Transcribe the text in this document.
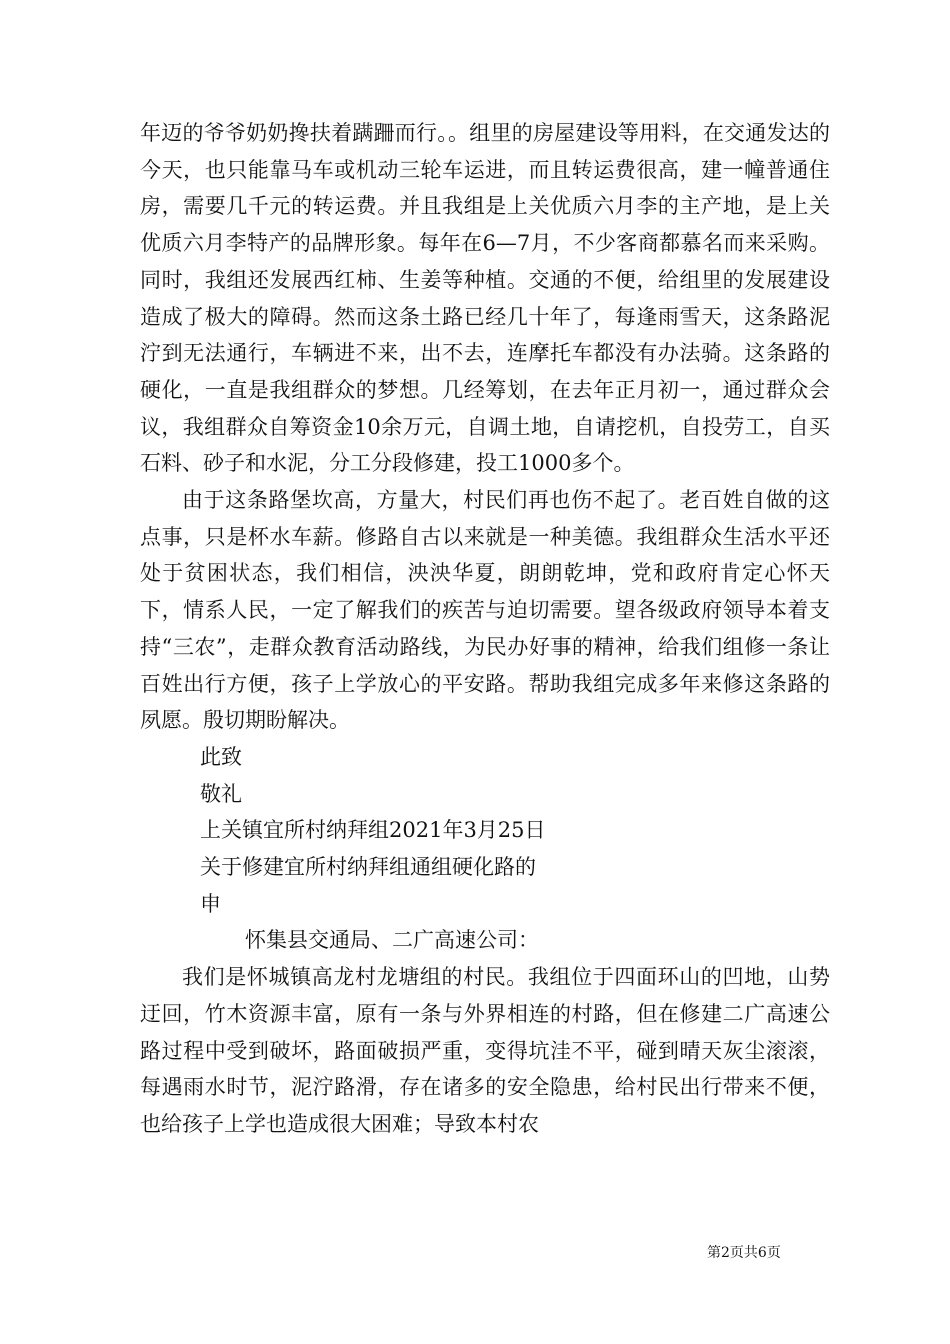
年迈的爷爷奶奶搀扶着蹒跚而行。。组里的房屋建设等用料，在交通发达的今天，也只能靠马车或机动三轮车运进，而且转运费很高，建一幢普通住房，需要几千元的转运费。并且我组是上关优质六月李的主产地，是上关优质六月李特产的品牌形象。每年在6—7月，不少客商都慕名而来采购。同时，我组还发展西红柿、生姜等种植。交通的不便，给组里的发展建设造成了极大的障碍。然而这条土路已经几十年了，每逢雨雪天，这条路泥泞到无法通行，车辆进不来，出不去，连摩托车都没有办法骑。这条路的硬化，一直是我组群众的梦想。几经筹划，在去年正月初一，通过群众会议，我组群众自筹资金10余万元，自调土地，自请挖机，自投劳工，自买石料、砂子和水泥，分工分段修建，投工1000多个。

由于这条路堡坎高，方量大，村民们再也伤不起了。老百姓自做的这点事，只是杯水车薪。修路自古以来就是一种美德。我组群众生活水平还处于贫困状态，我们相信，泱泱华夏，朗朗乾坤，党和政府肯定心怀天下，情系人民，一定了解我们的疾苦与迫切需要。望各级政府领导本着支持“三农”，走群众教育活动路线，为民办好事的精神，给我们组修一条让百姓出行方便，孩子上学放心的平安路。帮助我组完成多年来修这条路的夙愿。殷切期盼解决。

此致

敬礼

上关镇宜所村纳拜组2021年3月25日

关于修建宜所村纳拜组通组硬化路的

申

怀集县交通局、二广高速公司：

我们是怀城镇高龙村龙塘组的村民。我组位于四面环山的凹地，山势迂回，竹木资源丰富，原有一条与外界相连的村路，但在修建二广高速公路过程中受到破坏，路面破损严重，变得坑洼不平，碰到晴天灰尘滚滚，每遇雨水时节，泥泞路滑，存在诸多的安全隐患，给村民出行带来不便，也给孩子上学也造成很大困难；导致本村农

第2页共6页
